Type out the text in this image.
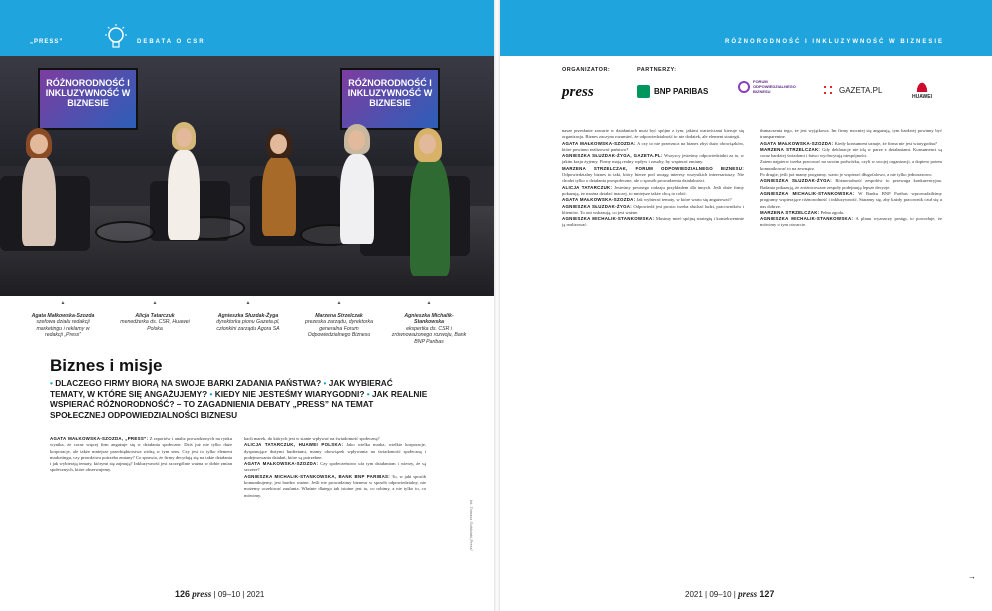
„PRESS”	DEBATA O CSR	RÓŻNORODNOŚĆ I INKLUZYWNOŚĆ W BIZNESIE
RÓŻNORODNOŚĆ I INKLUZYWNOŚĆ W BIZNESIE
RÓŻNORODNOŚĆ I INKLUZYWNOŚĆ W BIZNESIE
▲
Agata Małkowska-Szozda
szefowa działu redakcji marketingu i reklamy w redakcji „Press”
▲
Alicja Tatarczuk
menedżerka ds. CSR, Huawei Polska
▲
Agnieszka Słuzdak-Żyga
dyrektorka pionu Gazeta.pl, członkini zarządu Agora SA
▲
Marzena Strzelczak
prezeska zarządu, dyrektorka generalna Forum Odpowiedzialnego Biznesu
▲
Agnieszka Michalik-Stankowska
ekspertka ds. CSR i zrównoważonego rozwoju, Bank BNP Paribas
Biznes i misje
• DLACZEGO FIRMY BIORĄ NA SWOJE BARKI ZADANIA PAŃSTWA? • JAK WYBIERAĆ TEMATY, W KTÓRE SIĘ ANGAŻUJEMY? • KIEDY NIE JESTEŚMY WIARYGODNI? • JAK REALNIE WSPIERAĆ RÓŻNORODNOŚĆ? – TO ZAGADNIENIA DEBATY „PRESS” NA TEMAT SPOŁECZNEJ ODPOWIEDZIALNOŚCI BIZNESU
AGATA MAŁKOWSKA-SZOZDA, „PRESS”: Z raportów i analiz prowadzonych na rynku wynika, że coraz więcej firm angażuje się w działania społeczne. Dziś już nie tylko duże korporacje, ale także mniejsze przedsiębiorstwa widzą w tym sens. Czy jest to tylko element marketingu, czy prawdziwa potrzeba zmiany? Co sprawia, że firmy decydują się na takie działania i jak wybierają tematy, którymi się zajmują? Inkluzywność jest szczególnie ważna w dobie zmian społecznych, które obserwujemy.
kach marek, do których jest w stanie wpływać na świadomość społeczną?
ALICJA TATARCZUK, HUAWEI POLSKA: Jako wielka marka, wielkie korporacje, dysponujące dużymi budżetami, mamy obowiązek wpływania na świadomość społeczną i podejmowania działań, które są potrzebne.
AGATA MAŁKOWSKA-SZOZDA: Czy społeczeństwo ufa tym działaniom i wierzy, że są szczere?
AGNIESZKA MICHALIK-STANKOWSKA, BANK BNP PARIBAS: To, w jaki sposób komunikujemy, jest bardzo ważne. Jeśli nie prowadzimy biznesu w sposób odpowiedzialny, nie możemy oczekiwać zaufania. Właśnie dlatego tak istotne jest to, co robimy, a nie tylko to, co mówimy.
fot. Tomasz Gołdziak/„Press”
nasze przesłanie zawarte w działaniach musi być spójne z tym, jakimi wartościami kieruje się organizacja. Biznes zaczyna rozumieć, że odpowiedzialność to nie dodatek, ale element strategii.
AGATA MAŁKOWSKA-SZOZDA: A czy to nie przerzuca na biznes zbyt dużo obowiązków, które powinno realizować państwo?
AGNIESZKA SŁUZDAK-ŻYGA, GAZETA.PL: Wszyscy jesteśmy odpowiedzialni za to, w jakim kraju żyjemy. Firmy mają realny wpływ i zasoby, by wspierać zmiany.
MARZENA STRZELCZAK, FORUM ODPOWIEDZIALNEGO BIZNESU: Odpowiedzialny biznes to taki, który bierze pod uwagę interesy wszystkich interesariuszy. Nie chodzi tylko o działania prospołeczne, ale o sposób prowadzenia działalności.
ALICJA TATARCZUK: Jesteśmy pewnego rodzaju przykładem dla innych. Jeśli duże firmy pokazują, że można działać inaczej, to mniejsze także chcą to robić.
AGATA MAŁKOWSKA-SZOZDA: Jak wybierać tematy, w które warto się angażować?
AGNIESZKA SŁUZDAK-ŻYGA: Odpowiedź jest prosta: trzeba słuchać ludzi, pracowników i klientów. To oni wskazują, co jest ważne.
AGNIESZKA MICHALIK-STANKOWSKA: Musimy mieć spójną strategię i konsekwentnie ją realizować.
tłumaczenia tego, że jest wyjątkowa. Im firmy mocniej się angażują, tym bardziej powinny być transparentne.
AGATA MAŁKOWSKA-SZOZDA: Kiedy konsument uznaje, że firma nie jest wiarygodna?
MARZENA STRZELCZAK: Gdy deklaracje nie idą w parze z działaniami. Konsumenci są coraz bardziej świadomi i łatwo wychwytują niespójności.
Zatem najpierw trzeba pracować na swoim podwórku, czyli w swojej organizacji, a dopiero potem komunikować to na zewnątrz.
Po drugie, jeśli już mamy programy, warto je wspierać długofalowo, a nie tylko jednorazowo.
AGNIESZKA SŁUZDAK-ŻYGA: Różnorodność zespołów to przewaga konkurencyjna. Badania pokazują, że zróżnicowane zespoły podejmują lepsze decyzje.
AGNIESZKA MICHALIK-STANKOWSKA: W Banku BNP Paribas wprowadziliśmy programy wspierające różnorodność i inkluzywność. Staramy się, aby każdy pracownik czuł się u nas dobrze.
MARZENA STRZELCZAK: Pełna zgoda.
AGNIESZKA MICHALIK-STANKOWSKA: A planu wyznaczy postęp, to powoduje, że mówimy o tym otwarcie.
→
ORGANIZATOR:	PARTNERZY:
press	BNP PARIBAS
FORUM ODPOWIEDZIALNEGO BIZNESU	GAZETA.PL
HUAWEI
126 press | 09–10 | 2021	2021 | 09–10 | press 127
